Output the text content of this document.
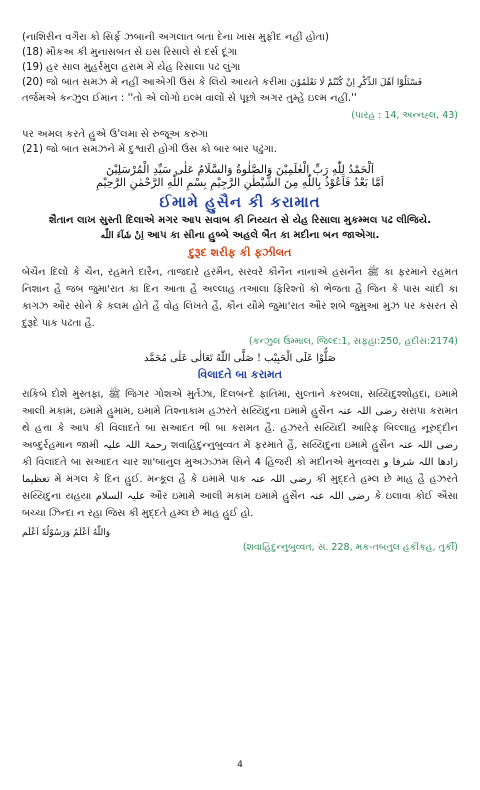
(નાશિરીન વગૈરા કો સિર્ફ ઝબાની અગલાત બતા દેના ખાસ મુફીદ નહીં હોતા)
(18) મૌકઅ કી મુનાસબત સે ઇસ રિસાલે સે દર્સ દૂંગા
(19) હર સાલ મુહર્રમુલ હરામ મેં યેહ રિસાલા પઢ લુંગા
(20) જો બાત સમઝ મેં નહીં આએગી ઉસ કે લિયે આયતે કરીમા فَسْئَلُوْٓا اَهْلَ الذِّكْرِ اِنْ كُنْتُمْ لَا تَعْلَمُوْنَ
તર્જમએ કન્ઝુલ ઈમાન : ''તો એ લોગો ઇલ્મ વાલોં સે પૂછો અગર તુમ્હેં ઇલ્મ નહીં.''
(પારહ : 14, અન્નહ્લ, 43)
પર અમલ કરતે હુએ ઉ'લમા સે રુજૂઅ કરુંગા
(21) જો બાત સમઝને મેં દુશ્વારી હોગી ઉસ કો બાર બાર પઢુંગા.
اَلْحَمْدُ لِلّٰهِ رَبِّ الْعٰلَمِيْنَ وَالصَّلٰوةُ وَالسَّلَامُ عَلٰى سَيِّدِ الْمُرْسَلِيْنَ
اَمَّا بَعْدُ فَاَعُوْذُ بِاللّٰهِ مِنَ الشَّيْطٰنِ الرَّجِيْمِ بِسْمِ اللّٰهِ الرَّحْمٰنِ الرَّحِيْمِ
ઈમામે હુસૈન કી કરામાત
શૈતાન લાખ સુસ્તી દિલાએ મગર આપ સવાબ કી નિય્યત સે યેહ રિસાલા મુકમ્મલ પઢ લીજિયે.
اِنْ شَآءَ اللّٰه આપ કા સીના હુબ્બે અહલે બૈત કા મદીના બન જાએગા.
દુરૂદ શરીફ કી ફઝીલત
બેચૈન દિલોં કે ચૈન, રહમતે દારૈન, તાજદારે હરમૈન, સરવરે કૌનૈન નાનાએ હસનૈન ﷺ કા ફરમાને રહમત નિશાન હૈ જબ જુમા'રાત કા દિન આતા હૈ અલ્લાહ તઆલા ફિરિશ્તોં કો ભેજતા હૈ જિન કે પાસ ચાંદી કા કાગઝ ઔર સોને કે કલમ હોતે હૈં વોહ લિખતે હૈં, કૌન યૌમે જુમા'રાત ઔર શબે જુમુઆ મુઝ પર કસરત સે દુરૂદે પાક પઢતા હૈ.
(કન્ઝુલ ઉમ્માલ, જિલ્દ:1, સફહા:250, હદીસ:2174)
صَلُّوْا عَلَى الْحَبِيْب ! صَلَّى اللّٰهُ تَعَالٰى عَلٰى مُحَمَّد
વિલાદતે બા કરામત
રાકિબે દોશે મુસ્તફા, ﷺ જિગર ગોશએ મુર્તઝા, દિલબન્દે ફાતિમા, સુલ્તાને કરબલા, સય્યિદુશ્શોહદા, ઇમામે આલી મકામ, ઇમામે હુમામ, ઇમામે તિશ્નાકામ હઝરતે સય્યિદુના ઇમામે હુસૈન رضی اللہ عنہ સરાપા કરામત થે હત્તા કે આપ કી વિલાદતે બા સઆદત ભી બા કરામત હૈ. હઝરતે સય્યિદી આરિફ બિલ્લાહ નૂરુદ્દીન અબ્દુર્રહમાન જામી رحمۃ اللہ علیہ શવાહિદુન્નુબુવ્વત મેં ફરમાતે હૈં, સય્યિદુના ઇમામે હુસૈન رضی اللہ عنہ કી વિલાદતે બા સઆદત ચાર શા'બાનુલ મુઅઝ્ઝમ સિને 4 હિજરી કો મદીનએ મુનવ્વરા زادھا اللہ شرفا و تعظیما મેં મંગલ કે દિન હુઈ. મન્કૂલ હૈ કે ઇમામે પાક رضی اللہ عنہ કી મુદ્દતે હમ્લ છે માહ હૈ હઝરતે સય્યિદુના યહયા علیہ السلام ઔર ઇમામે આલી મકામ ઇમામે હુસૈન رضی اللہ عنہ કે ઇલાવા કોઈ ઐસા બચ્ચા ઝિન્દા ન રહા જિસ કી મુદ્દતે હમ્લ છે માહ હુઈ હો.
وَاللّٰهُ اَعْلَمُ وَرَسُوْلُهٗ اَعْلَم
(શવાહિદુન્નુબુવ્વત, સ. 228, મક-તબતુલ હકીકહ, તુર્કી)
4
